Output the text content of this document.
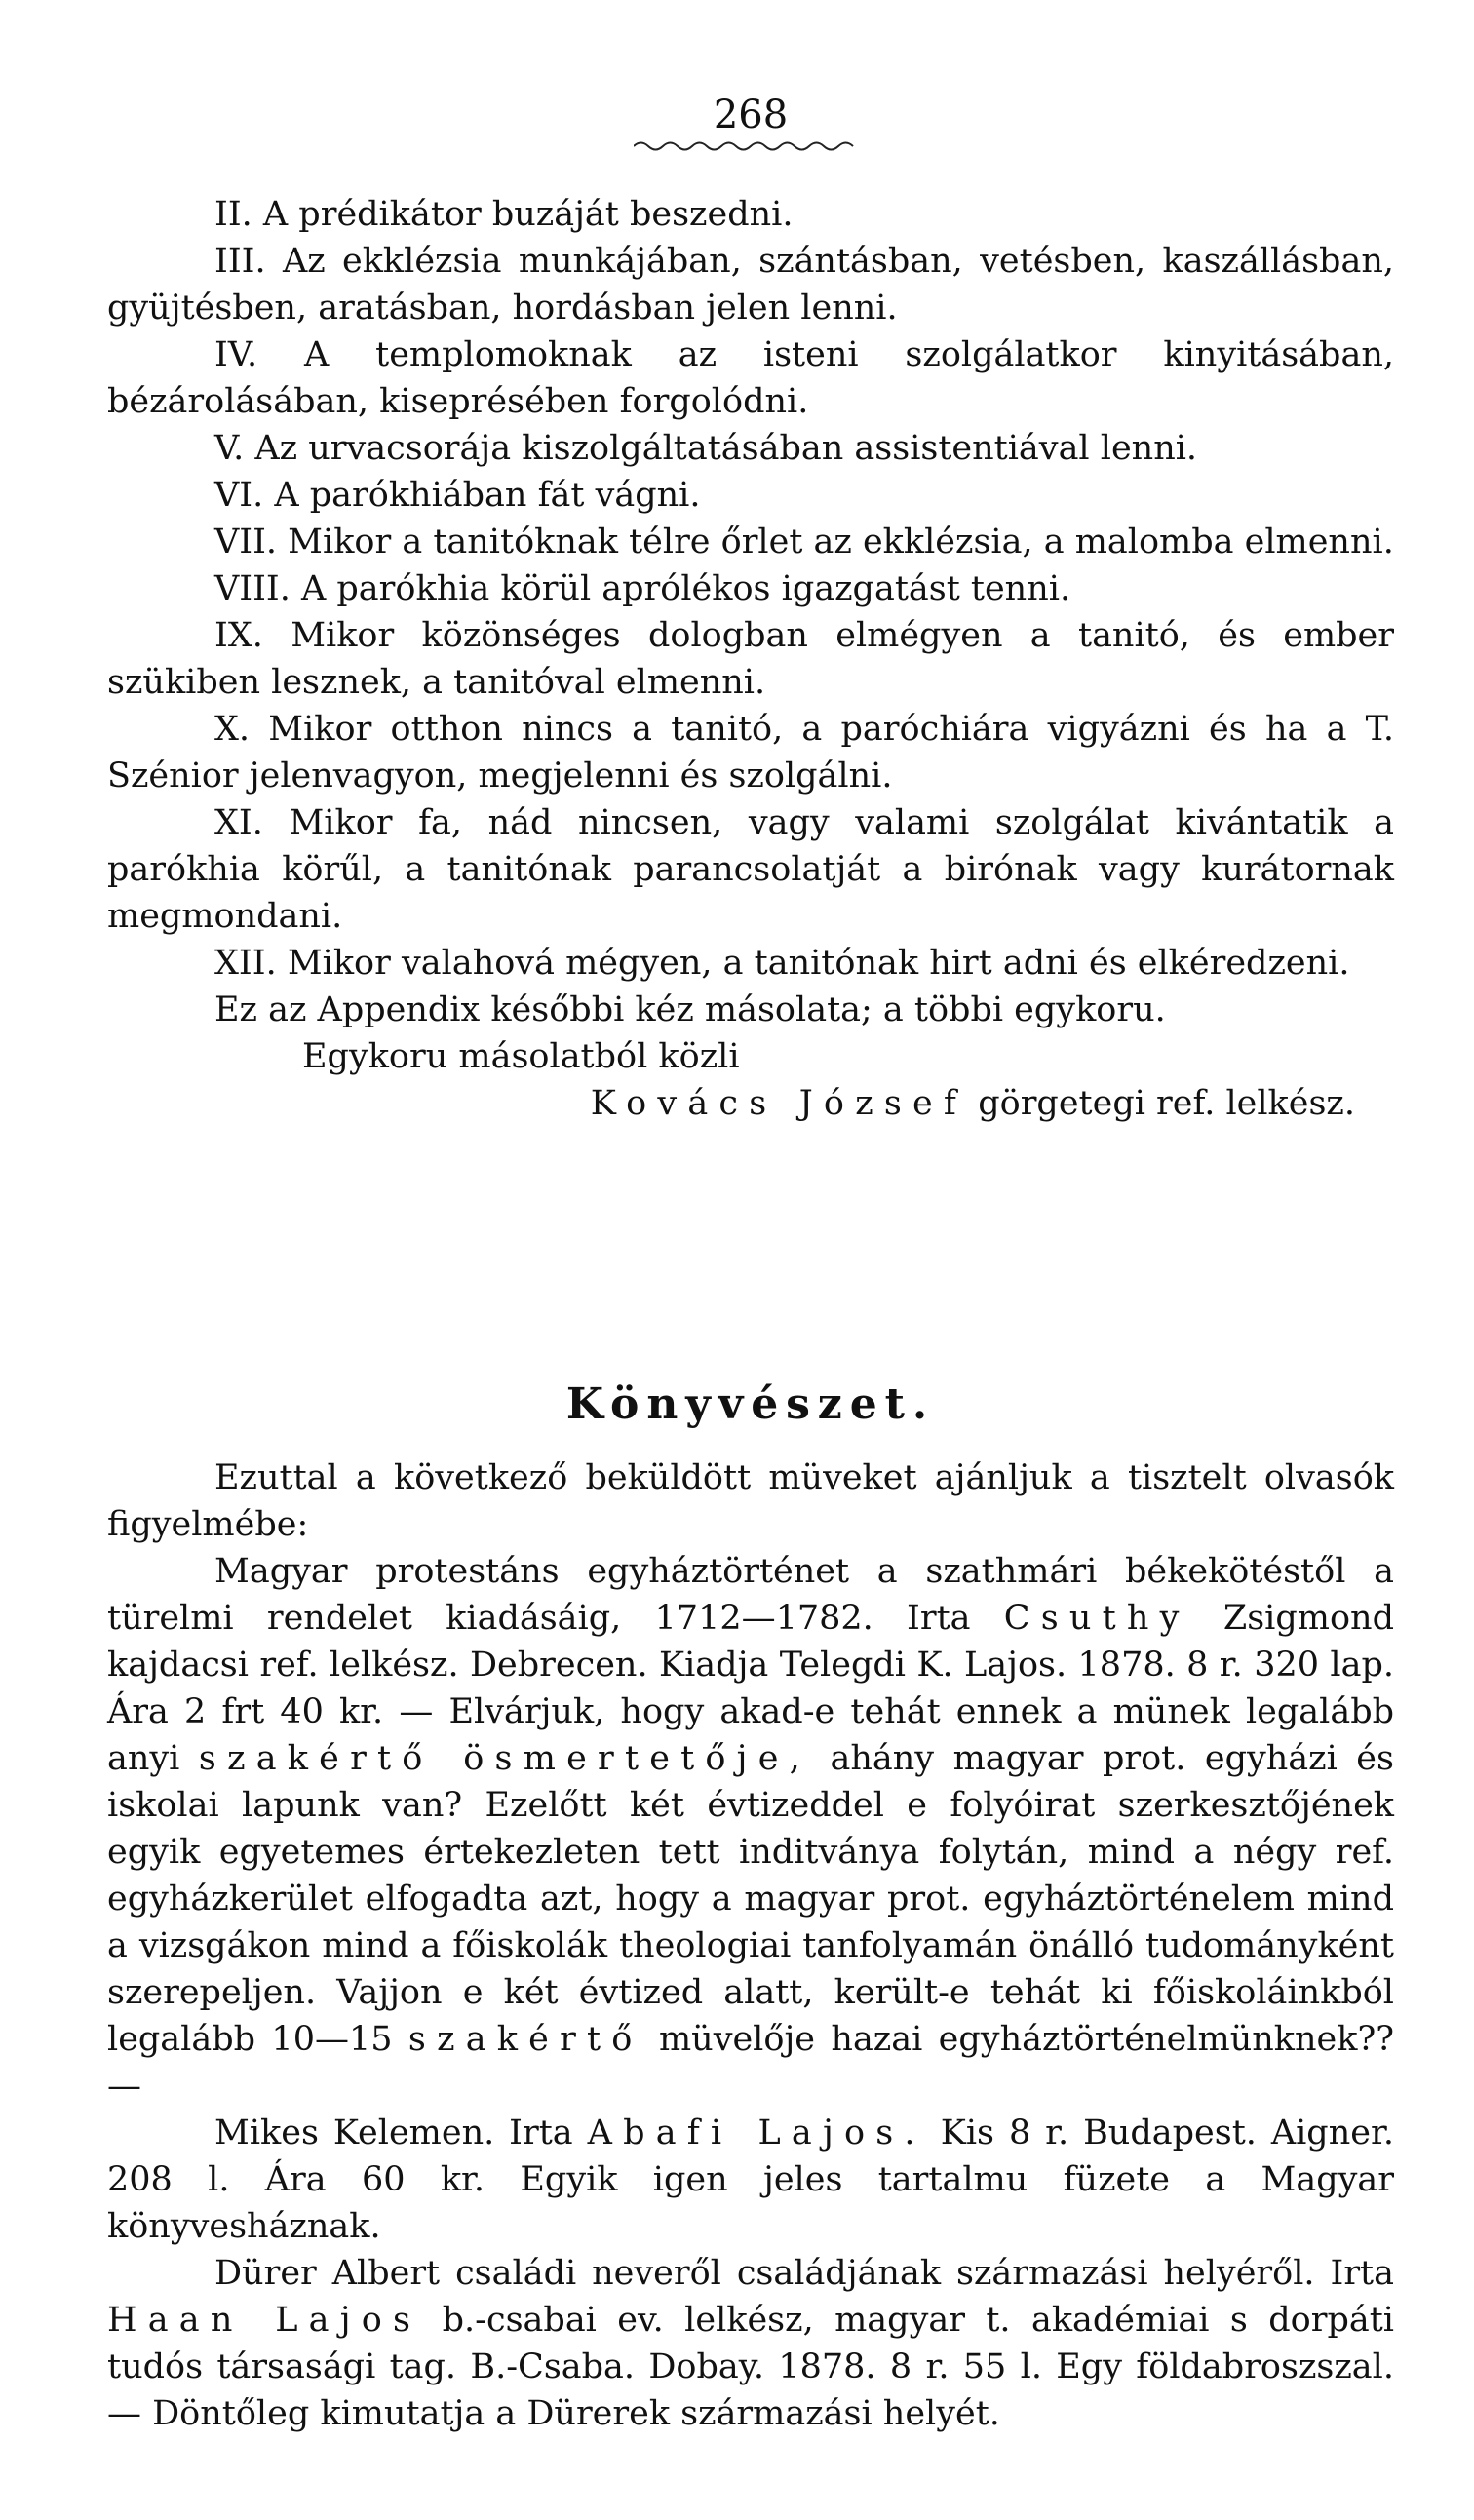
268

II. A prédikátor buzáját beszedni.

III. Az ekklézsia munkájában, szántásban, vetésben, kaszállásban, gyüjtésben, aratásban, hordásban jelen lenni.

IV. A templomoknak az isteni szolgálatkor kinyitásában, bézárolásában, kiseprésében forgolódni.

V. Az urvacsorája kiszolgáltatásában assistentiával lenni.

VI. A parókhiában fát vágni.

VII. Mikor a tanitóknak télre őrlet az ekklézsia, a malomba elmenni.

VIII. A parókhia körül aprólékos igazgatást tenni.

IX. Mikor közönséges dologban elmégyen a tanitó, és ember szükiben lesznek, a tanitóval elmenni.

X. Mikor otthon nincs a tanitó, a paróchiára vigyázni és ha a T. Szénior jelenvagyon, megjelenni és szolgálni.

XI. Mikor fa, nád nincsen, vagy valami szolgálat kivántatik a parókhia körűl, a tanitónak parancsolatját a birónak vagy kurátornak megmondani.

XII. Mikor valahová mégyen, a tanitónak hirt adni és elkéredzeni.

Ez az Appendix későbbi kéz másolata; a többi egykoru.

Egykoru másolatból közli

Kovács József görgetegi ref. lelkész.

Könyvészet.

Ezuttal a következő beküldött müveket ajánljuk a tisztelt olvasók figyelmébe:

Magyar protestáns egyháztörténet a szathmári békekötéstől a türelmi rendelet kiadásáig, 1712—1782. Irta Csuthy Zsigmond kajdacsi ref. lelkész. Debrecen. Kiadja Telegdi K. Lajos. 1878. 8 r. 320 lap. Ára 2 frt 40 kr. — Elvárjuk, hogy akad-e tehát ennek a münek legalább anyi szakértő ösmertetője, ahány magyar prot. egyházi és iskolai lapunk van? Ezelőtt két évtizeddel e folyóirat szerkesztőjének egyik egyetemes értekezleten tett inditványa folytán, mind a négy ref. egyházkerület elfogadta azt, hogy a magyar prot. egyháztörténelem mind a vizsgákon mind a főiskolák theologiai tanfolyamán önálló tudományként szerepeljen. Vajjon e két évtized alatt, került-e tehát ki főiskoláinkból legalább 10—15 szakértő müvelője hazai egyháztörténelmünknek?? —

Mikes Kelemen. Irta Abafi Lajos. Kis 8 r. Budapest. Aigner. 208 l. Ára 60 kr. Egyik igen jeles tartalmu füzete a Magyar könyvesháznak.

Dürer Albert családi neveről családjának származási helyéről. Irta Haan Lajos b.-csabai ev. lelkész, magyar t. akadémiai s dorpáti tudós társasági tag. B.-Csaba. Dobay. 1878. 8 r. 55 l. Egy földabroszszal. — Döntőleg kimutatja a Dürerek származási helyét.
